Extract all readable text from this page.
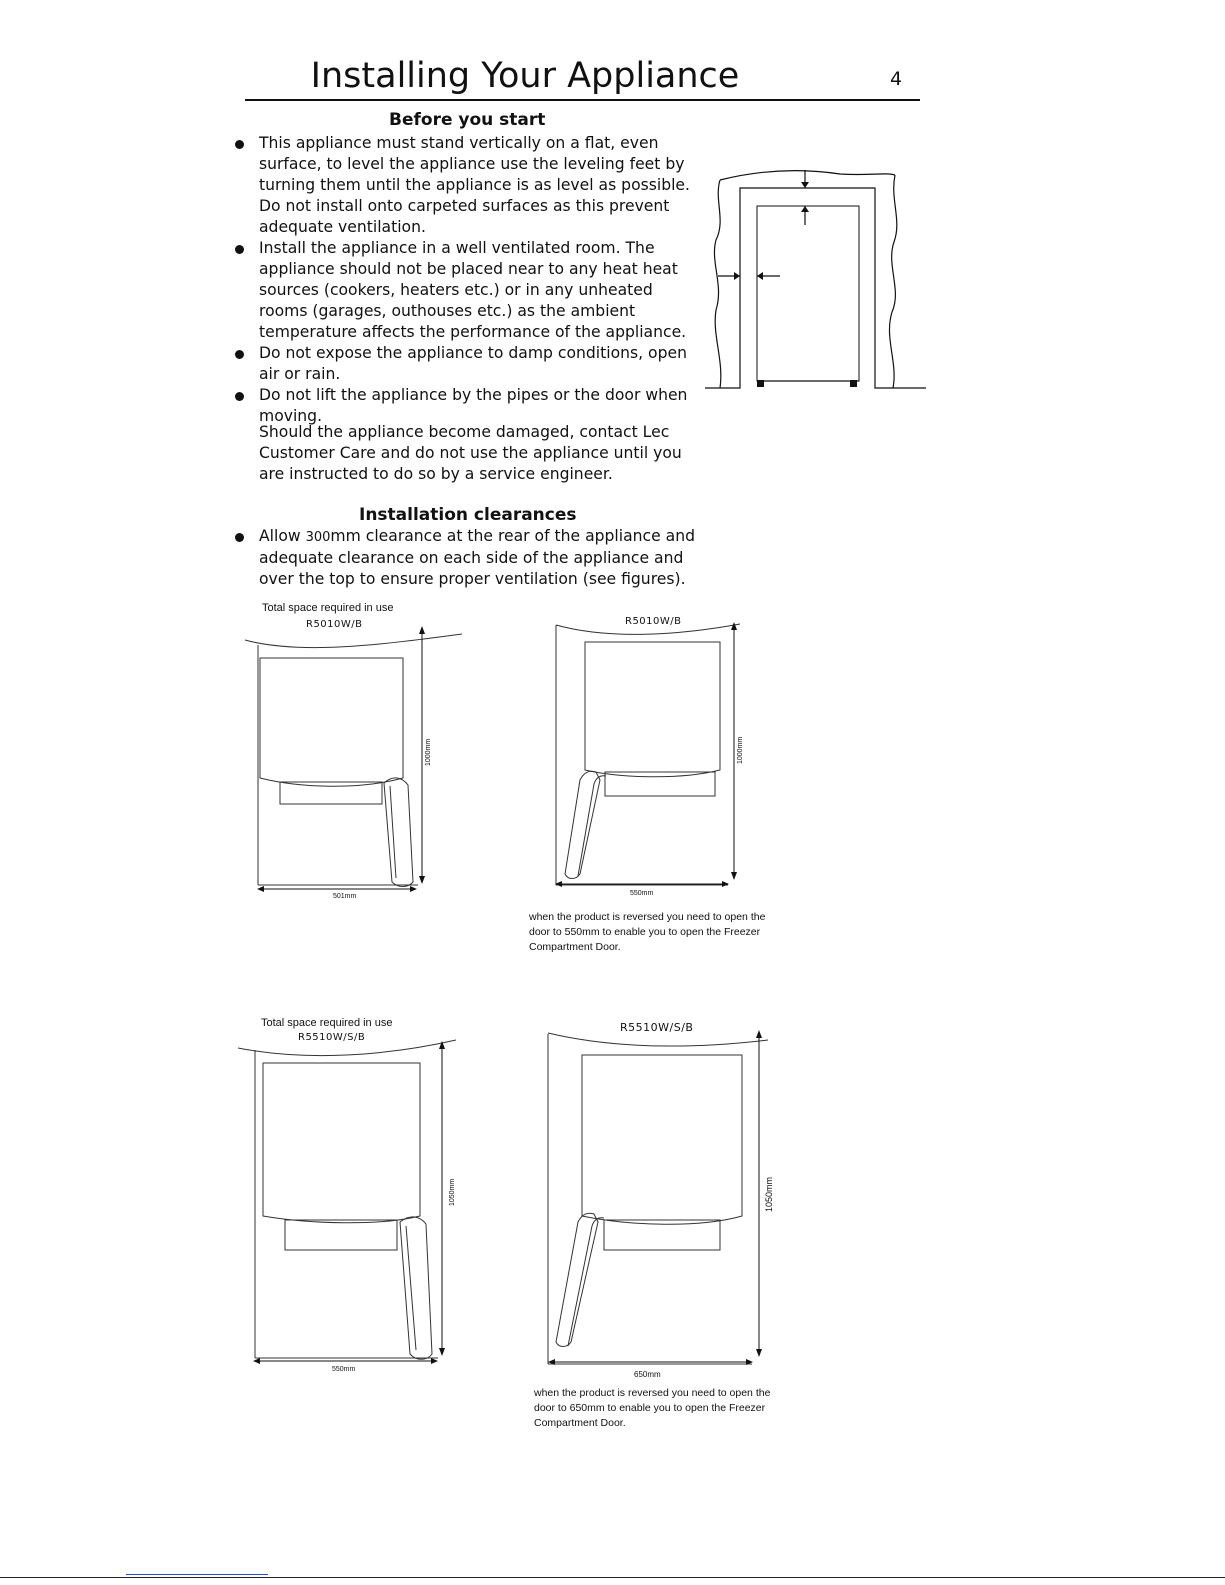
Installing Your Appliance	4
Before you start
This appliance must stand vertically on a flat, even surface, to level the appliance use the leveling feet by turning them until the appliance is as level as possible. Do not install onto carpeted surfaces as this prevent adequate ventilation.
Install the appliance in a well ventilated room. The appliance should not be placed near to any heat heat sources (cookers, heaters etc.) or in any unheated rooms (garages, outhouses etc.) as the ambient temperature affects the performance of the appliance.
Do not expose the appliance to damp conditions, open air or rain.
Do not lift the appliance by the pipes or the door when moving.

Should the appliance become damaged, contact Lec Customer Care and do not use the appliance until you are instructed to do so by a service engineer.

Installation clearances
Allow 300mm clearance at the rear of the appliance and adequate clearance on each side of the appliance and over the top to ensure proper ventilation (see figures).
Total space required in use
R5010W/B
1000mm
501mm
R5010W/B
1000mm
550mm
when the product is reversed you need to open the door to 550mm to enable you to open the Freezer Compartment Door.
Total space required in use
R5510W/S/B
1050mm
550mm
R5510W/S/B
1050mm
650mm
when the product is reversed you need to open the door to 650mm to enable you to open the Freezer Compartment Door.
